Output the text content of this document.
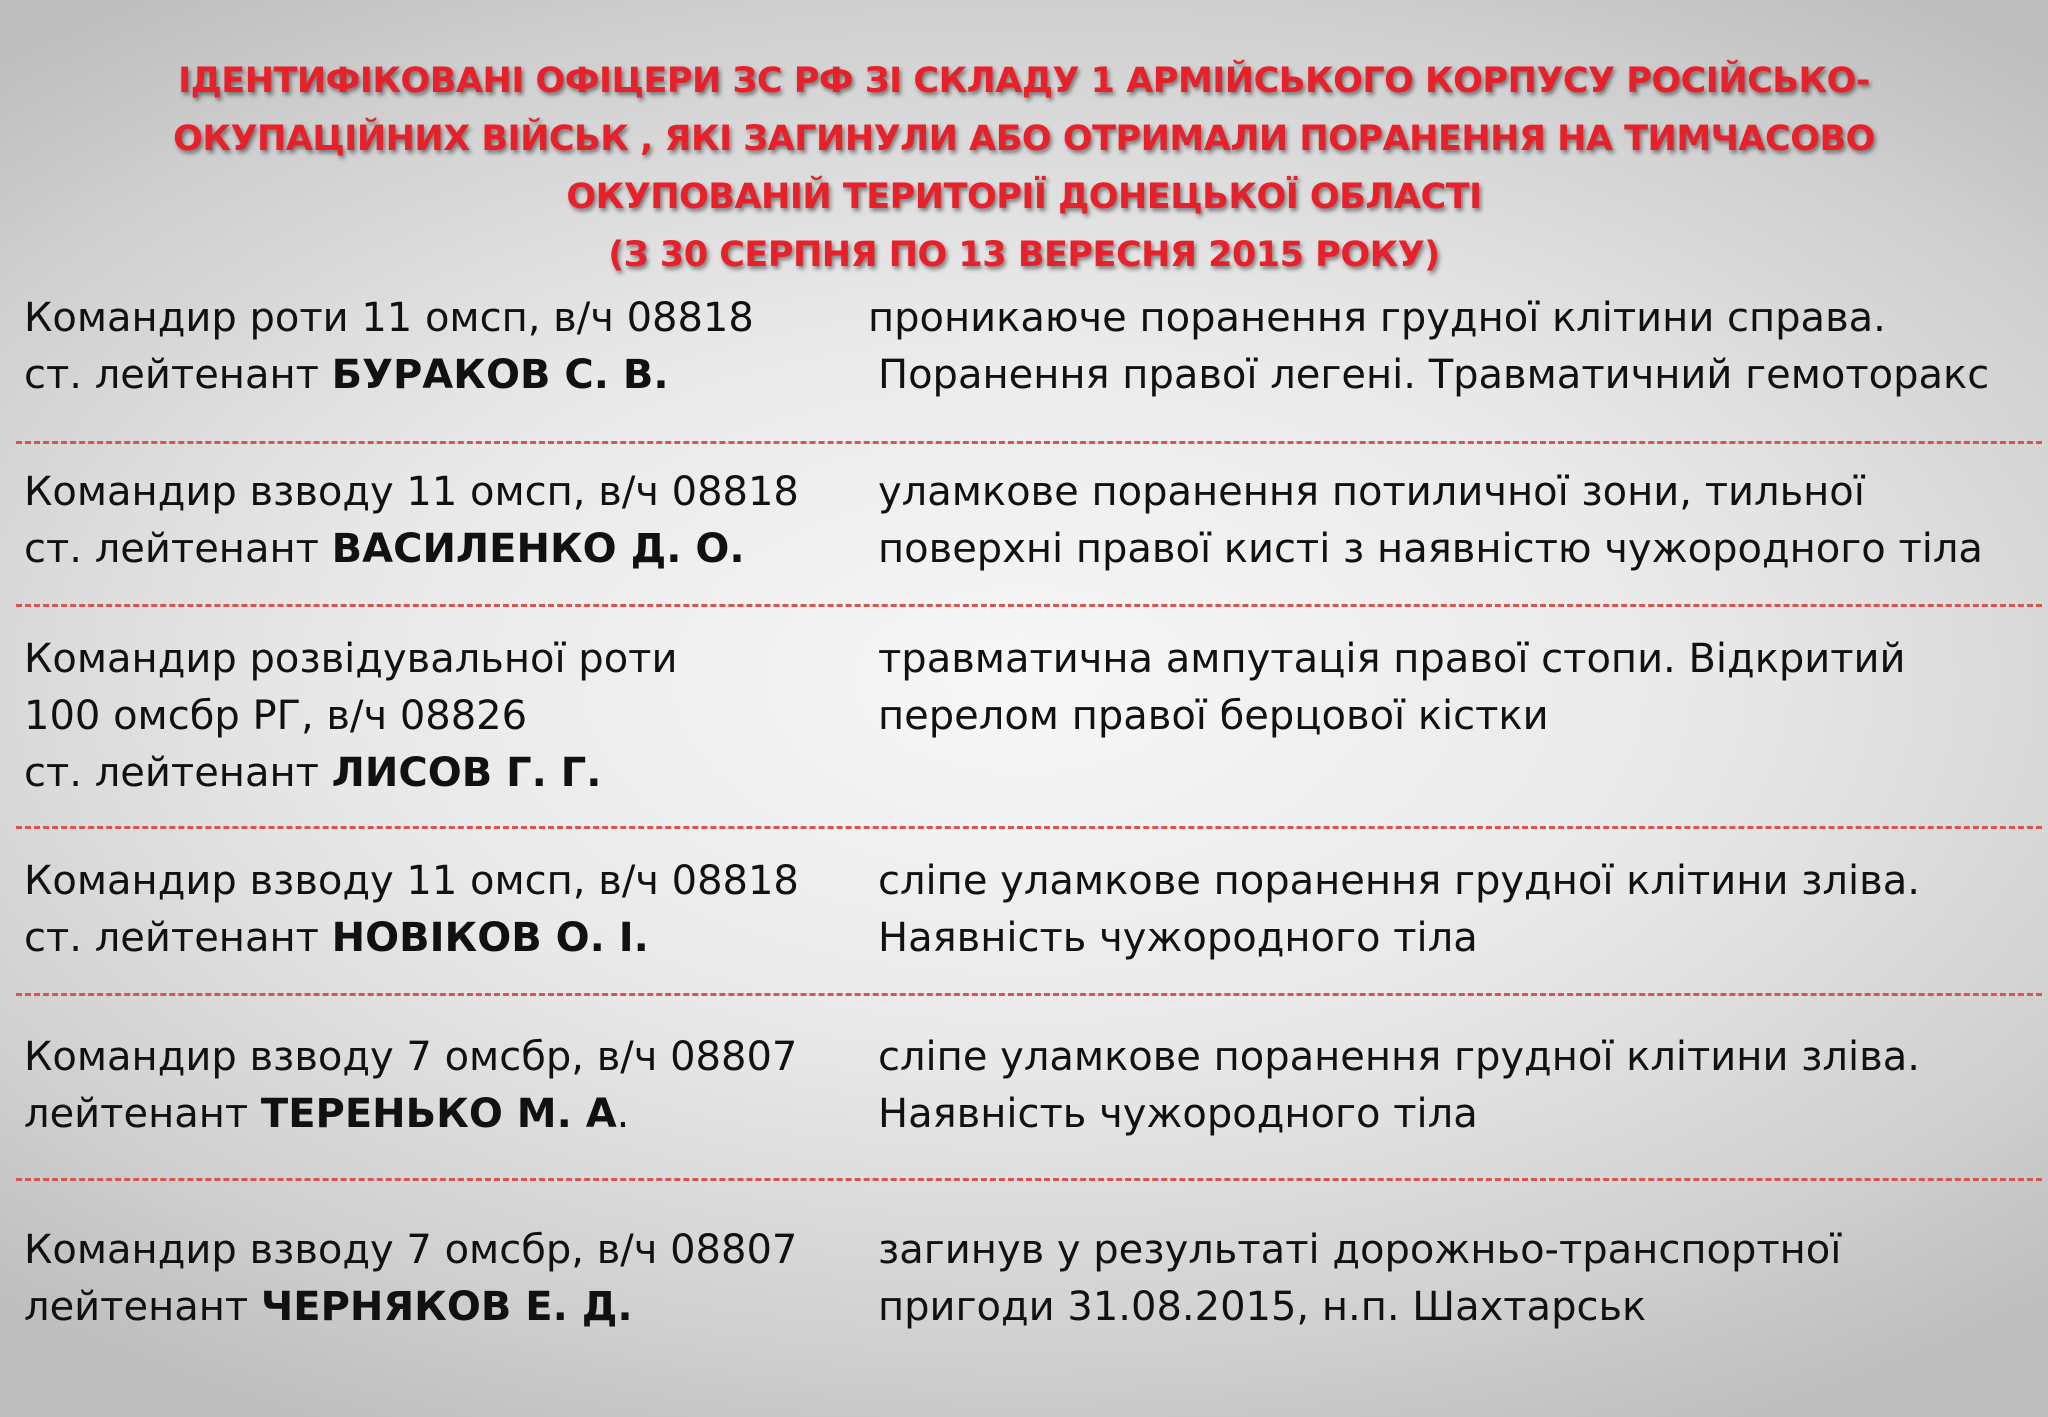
ІДЕНТИФІКОВАНІ ОФІЦЕРИ ЗС РФ ЗІ СКЛАДУ 1 АРМІЙСЬКОГО КОРПУСУ РОСІЙСЬКО-
ОКУПАЦІЙНИХ ВІЙСЬК , ЯКІ ЗАГИНУЛИ АБО ОТРИМАЛИ ПОРАНЕННЯ НА ТИМЧАСОВО
ОКУПОВАНІЙ ТЕРИТОРІЇ ДОНЕЦЬКОЇ ОБЛАСТІ
(З 30 СЕРПНЯ ПО 13 ВЕРЕСНЯ 2015 РОКУ)
Командир роти 11 омсп, в/ч 08818
ст. лейтенант БУРАКОВ С. В.
проникаюче поранення грудної клітини справа.
Поранення правої легені. Травматичний гемоторакс
Командир взводу 11 омсп, в/ч 08818
ст. лейтенант ВАСИЛЕНКО Д. О.
уламкове поранення потиличної зони, тильної
поверхні правої кисті з наявністю чужородного тіла
Командир розвідувальної роти
100 омсбр РГ, в/ч 08826
ст. лейтенант ЛИСОВ Г. Г.
травматична ампутація правої стопи. Відкритий
перелом правої берцової кістки
Командир взводу 11 омсп, в/ч 08818
ст. лейтенант НОВІКОВ О. І.
сліпе уламкове поранення грудної клітини зліва.
Наявність чужородного тіла
Командир взводу 7 омсбр, в/ч 08807
лейтенант ТЕРЕНЬКО М. А.
сліпе уламкове поранення грудної клітини зліва.
Наявність чужородного тіла
Командир взводу 7 омсбр, в/ч 08807
лейтенант ЧЕРНЯКОВ Е. Д.
загинув у результаті дорожньо-транспортної
пригоди 31.08.2015, н.п. Шахтарськ
